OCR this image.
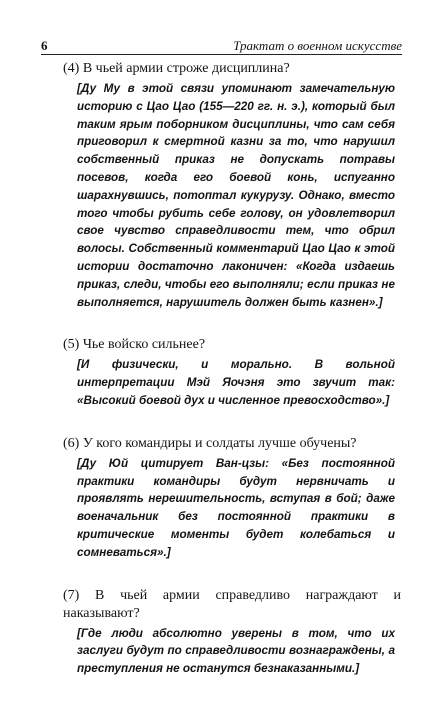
6	Трактат о военном искусстве

(4) В чьей армии строже дисциплина?

[Ду Му в этой связи упоминают замечательную историю с Цао Цао (155—220 гг. н. э.), который был таким ярым поборником дисциплины, что сам себя приговорил к смертной казни за то, что нарушил собственный приказ не допускать потравы посевов, когда его боевой конь, испуганно шарахнувшись, потоптал кукурузу. Однако, вместо того чтобы рубить себе голову, он удовлетворил свое чувство справедливости тем, что обрил волосы. Собственный комментарий Цао Цао к этой истории достаточно лаконичен: «Когда издаешь приказ, следи, чтобы его выполняли; если приказ не выполняется, нарушитель должен быть казнен».]

(5) Чье войско сильнее?

[И физически, и морально. В вольной интерпретации Мэй Яочэня это звучит так: «Высокий боевой дух и численное превосходство».]

(6) У кого командиры и солдаты лучше обучены?

[Ду Юй цитирует Ван-цзы: «Без постоянной практики командиры будут нервничать и проявлять нерешительность, вступая в бой; даже военачальник без постоянной практики в критические моменты будет колебаться и сомневаться».]

(7) В чьей армии справедливо награждают и наказывают?

[Где люди абсолютно уверены в том, что их заслуги будут по справедливости вознаграждены, а преступления не останутся безнаказанными.]
